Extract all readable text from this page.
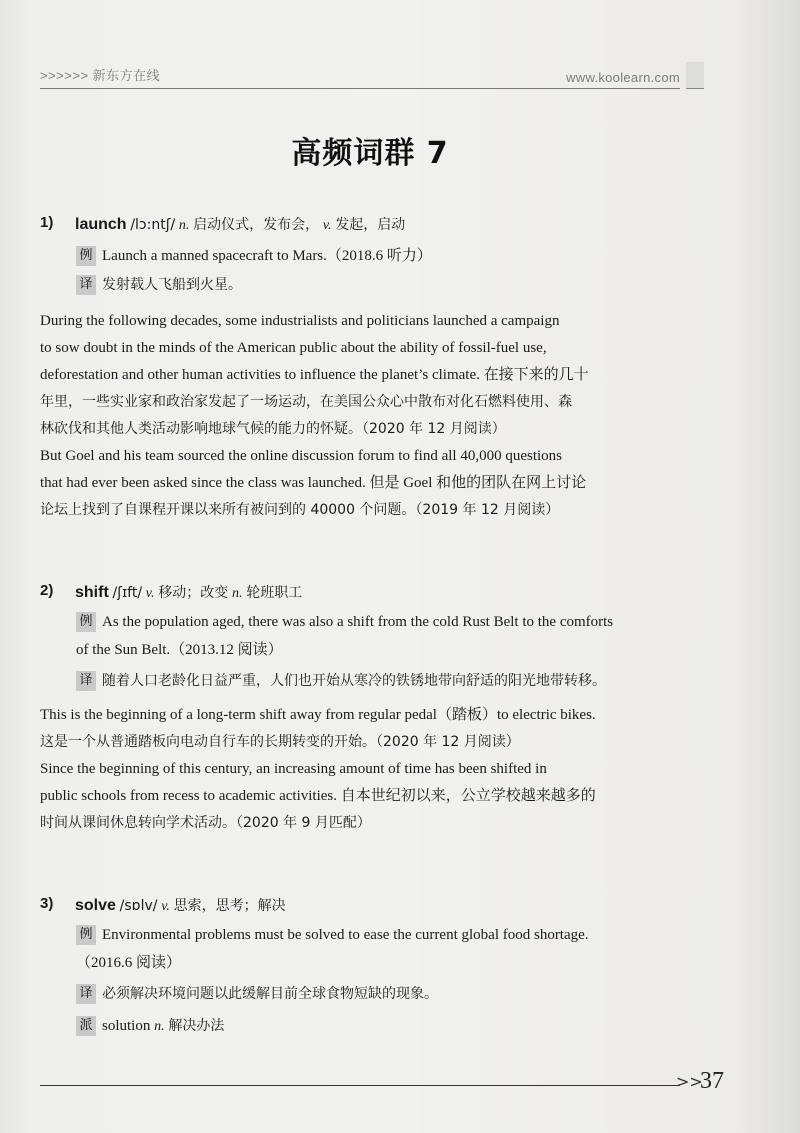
>>>>>> 新东方在线	www.koolearn.com
高频词群 7
1) launch /lɔ:ntʃ/ n. 启动仪式，发布会， v. 发起，启动
例 Launch a manned spacecraft to Mars.（2018.6 听力）
译 发射载人飞船到火星。
During the following decades, some industrialists and politicians launched a campaign
to sow doubt in the minds of the American public about the ability of fossil-fuel use,
deforestation and other human activities to influence the planet’s climate. 在接下来的几十
年里，一些实业家和政治家发起了一场运动，在美国公众心中散布对化石燃料使用、森
林砍伐和其他人类活动影响地球气候的能力的怀疑。（2020 年 12 月阅读）
But Goel and his team sourced the online discussion forum to find all 40,000 questions
that had ever been asked since the class was launched. 但是 Goel 和他的团队在网上讨论
论坛上找到了自课程开课以来所有被问到的 40000 个问题。（2019 年 12 月阅读）
2) shift /ʃɪft/ v. 移动；改变 n. 轮班职工
例 As the population aged, there was also a shift from the cold Rust Belt to the comforts
of the Sun Belt.（2013.12 阅读）
译 随着人口老龄化日益严重，人们也开始从寒冷的铁锈地带向舒适的阳光地带转移。
This is the beginning of a long-term shift away from regular pedal（踏板）to electric bikes.
这是一个从普通踏板向电动自行车的长期转变的开始。（2020 年 12 月阅读）
Since the beginning of this century, an increasing amount of time has been shifted in
public schools from recess to academic activities. 自本世纪初以来，公立学校越来越多的
时间从课间休息转向学术活动。（2020 年 9 月匹配）
3) solve /sɒlv/ v. 思索，思考；解决
例 Environmental problems must be solved to ease the current global food shortage.
（2016.6 阅读）
译 必须解决环境问题以此缓解目前全球食物短缺的现象。
派 solution n. 解决办法
>>
37
